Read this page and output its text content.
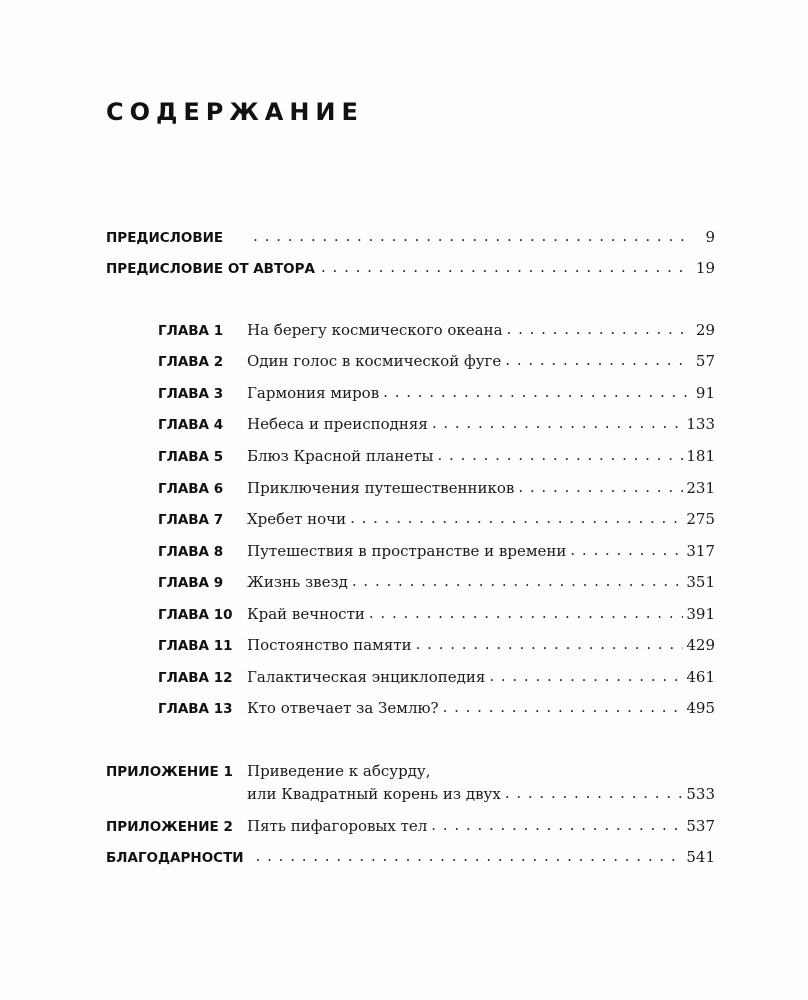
СОДЕРЖАНИЕ
ПРЕДИСЛОВИЕ . . .	9
ПРЕДИСЛОВИЕ ОТ АВТОРА . . .	19
ГЛАВА 1	На берегу космического океана . . .	29
ГЛАВА 2	Один голос в космической фуге . . .	57
ГЛАВА 3	Гармония миров . . .	91
ГЛАВА 4	Небеса и преисподняя . . .	133
ГЛАВА 5	Блюз Красной планеты . . .	181
ГЛАВА 6	Приключения путешественников . . .	231
ГЛАВА 7	Хребет ночи . . .	275
ГЛАВА 8	Путешествия в пространстве и времени . . .	317
ГЛАВА 9	Жизнь звезд . . .	351
ГЛАВА 10 Край вечности . . .	391
ГЛАВА 11 Постоянство памяти . . .	429
ГЛАВА 12 Галактическая энциклопедия . . .	461
ГЛАВА 13 Кто отвечает за Землю? . . .	495
ПРИЛОЖЕНИЕ 1 Приведение к абсурду,
или Квадратный корень из двух . . .	533
ПРИЛОЖЕНИЕ 2 Пять пифагоровых тел . . .	537
БЛАГОДАРНОСТИ . . .	541
